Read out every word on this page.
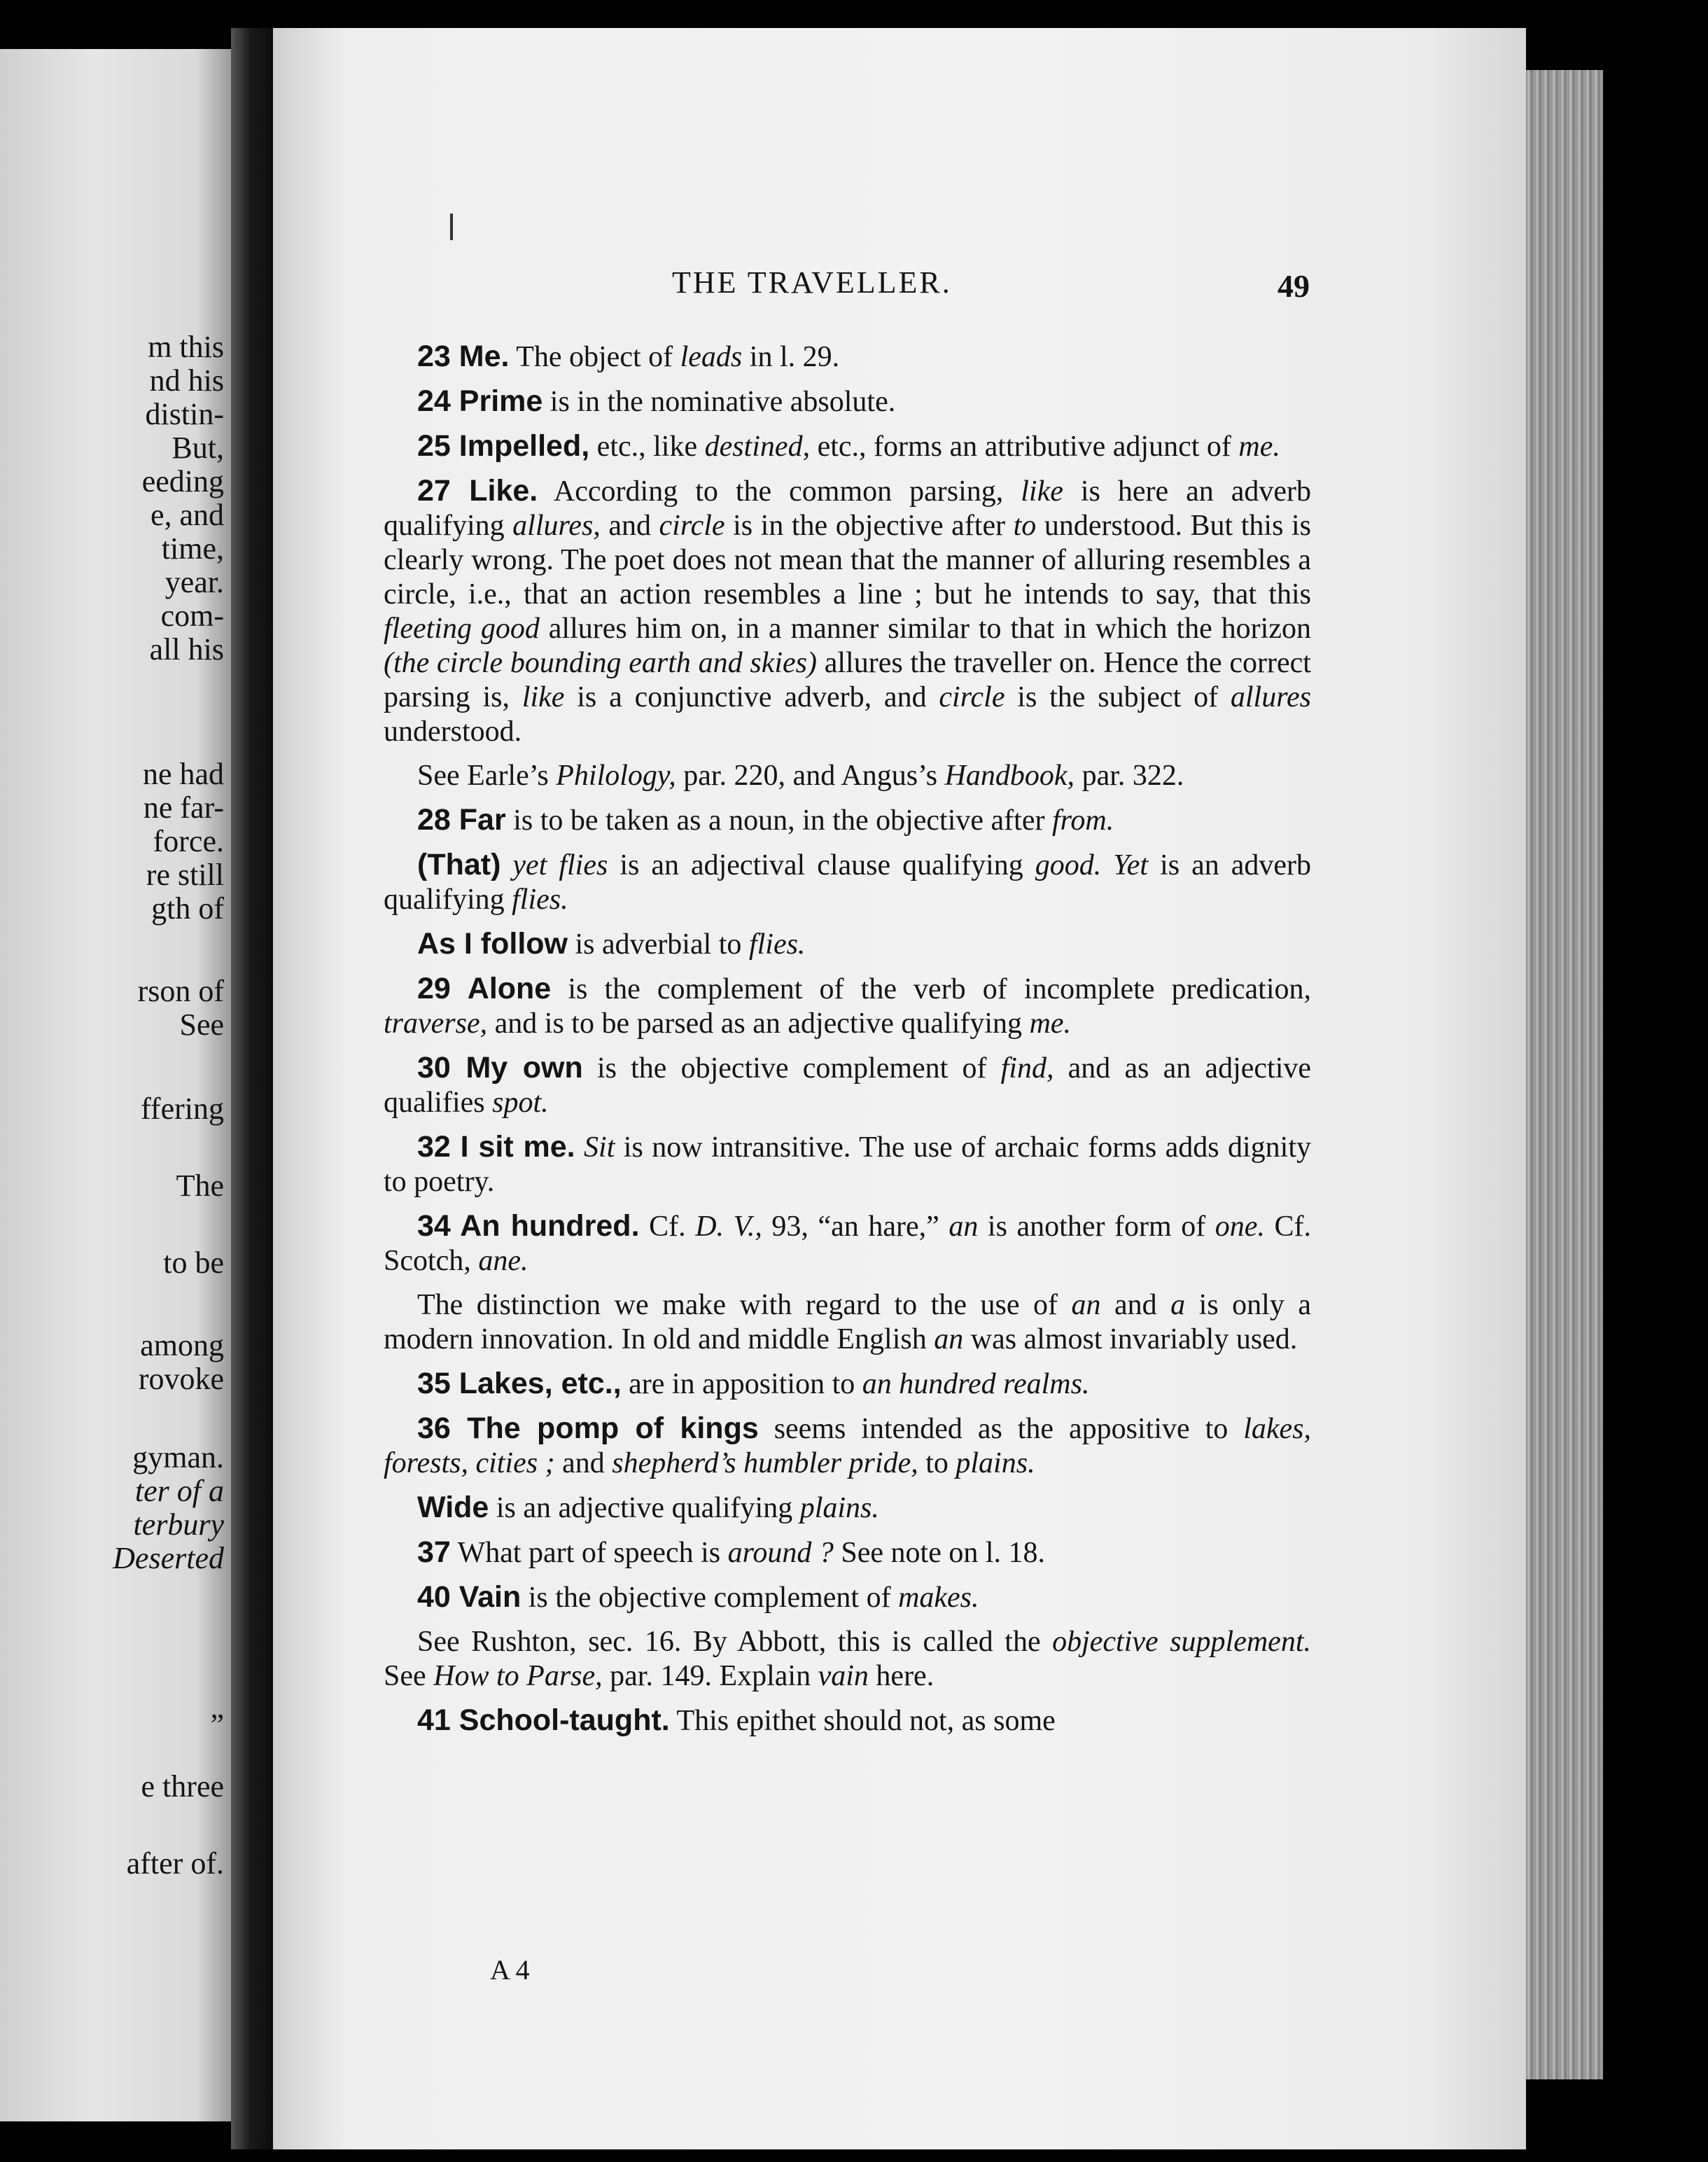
m this
nd his
distin-
But,
eeding
e, and
time,
year.
com-
all his
ne had
ne far-
force.
re still
gth of
rson of
See
ffering
The
to be
among
rovoke
gyman.
ter of a
terbury
Deserted
”
e three
after of.
THE TRAVELLER.	49

23 Me. The object of leads in l. 29.

24 Prime is in the nominative absolute.

25 Impelled, etc., like destined, etc., forms an attributive adjunct of me.

27 Like. According to the common parsing, like is here an adverb qualifying allures, and circle is in the objective after to understood. But this is clearly wrong. The poet does not mean that the manner of alluring resembles a circle, i.e., that an action resembles a line ; but he intends to say, that this fleeting good allures him on, in a manner similar to that in which the horizon (the circle bounding earth and skies) allures the traveller on. Hence the correct parsing is, like is a conjunctive adverb, and circle is the subject of allures understood.

See Earle’s Philology, par. 220, and Angus’s Handbook, par. 322.

28 Far is to be taken as a noun, in the objective after from.

(That) yet flies is an adjectival clause qualifying good. Yet is an adverb qualifying flies.

As I follow is adverbial to flies.

29 Alone is the complement of the verb of incomplete predication, traverse, and is to be parsed as an adjective qualifying me.

30 My own is the objective complement of find, and as an adjective qualifies spot.

32 I sit me. Sit is now intransitive. The use of archaic forms adds dignity to poetry.

34 An hundred. Cf. D. V., 93, “an hare,” an is another form of one. Cf. Scotch, ane.

The distinction we make with regard to the use of an and a is only a modern innovation. In old and middle English an was almost invariably used.

35 Lakes, etc., are in apposition to an hundred realms.

36 The pomp of kings seems intended as the appositive to lakes, forests, cities ; and shepherd’s humbler pride, to plains.

Wide is an adjective qualifying plains.

37 What part of speech is around ? See note on l. 18.

40 Vain is the objective complement of makes.

See Rushton, sec. 16. By Abbott, this is called the objective supplement. See How to Parse, par. 149. Explain vain here.

41 School-taught. This epithet should not, as some

A 4
